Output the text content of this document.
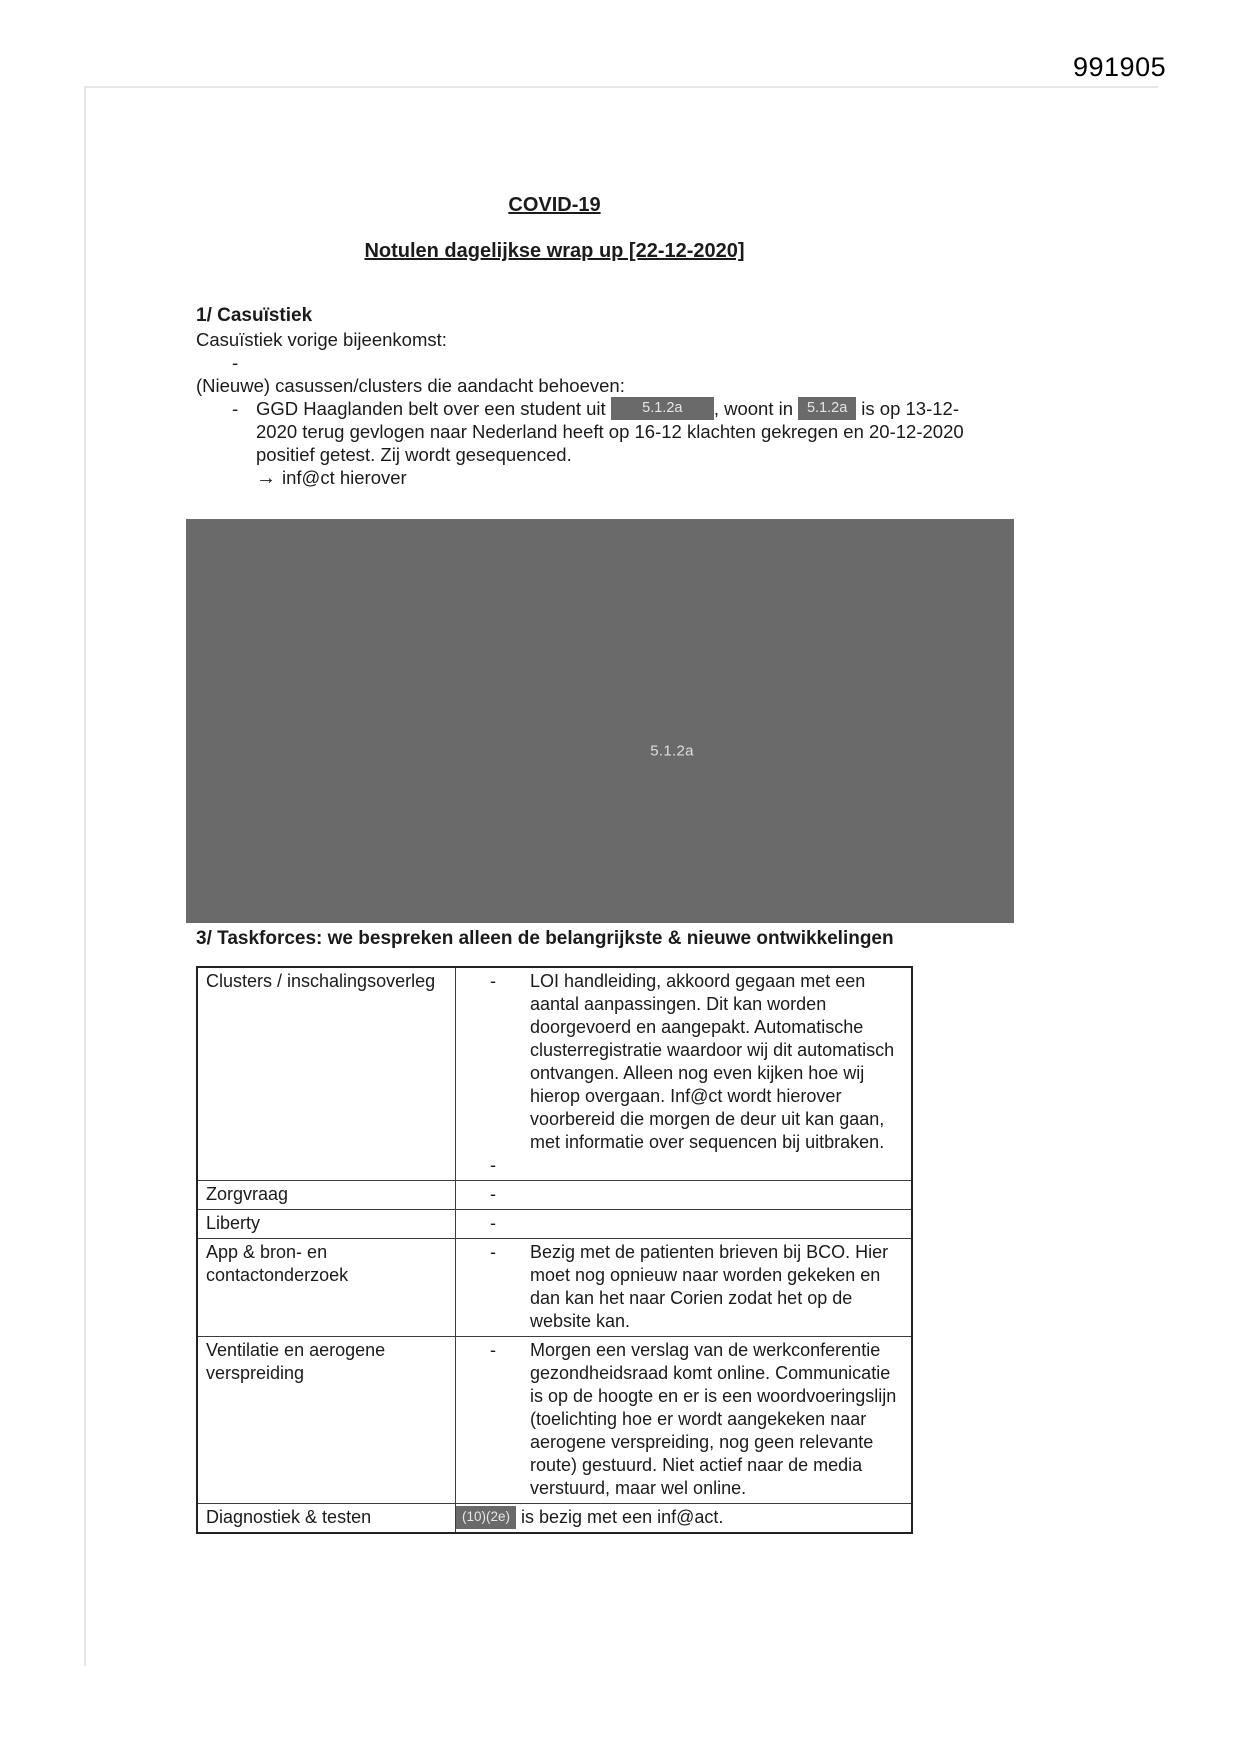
991905
COVID-19
Notulen dagelijkse wrap up [22-12-2020]
1/ Casuïstiek

Casuïstiek vorige bijeenkomst:

-

(Nieuwe) casussen/clusters die aandacht behoeven:

- GGD Haaglanden belt over een student uit	5.1.2a , woont in 5.1.2a is op 13-12-2020 terug gevlogen naar Nederland heeft op 16-12 klachten gekregen en 20-12-2020 positief getest. Zij wordt gesequenced.
→ inf@ct hierover
5.1.2a
3/ Taskforces: we bespreken alleen de belangrijkste & nieuwe ontwikkelingen
Clusters / inschalingsoverleg	- LOI handleiding, akkoord gegaan met een aantal aanpassingen. Dit kan worden doorgevoerd en aangepakt. Automatische clusterregistratie waardoor wij dit automatisch ontvangen. Alleen nog even kijken hoe wij hierop overgaan. Inf@ct wordt hierover voorbereid die morgen de deur uit kan gaan, met informatie over sequencen bij uitbraken.
-

Zorgvraag	-

Liberty	-

App & bron- en contactonderzoek	- Bezig met de patienten brieven bij BCO. Hier moet nog opnieuw naar worden gekeken en dan kan het naar Corien zodat het op de website kan.

Ventilatie en aerogene verspreiding	- Morgen een verslag van de werkconferentie gezondheidsraad komt online. Communicatie is op de hoogte en er is een woordvoeringslijn (toelichting hoe er wordt aangekeken naar aerogene verspreiding, nog geen relevante route) gestuurd. Niet actief naar de media verstuurd, maar wel online.

Diagnostiek & testen	(10)(2e) is bezig met een inf@act.
